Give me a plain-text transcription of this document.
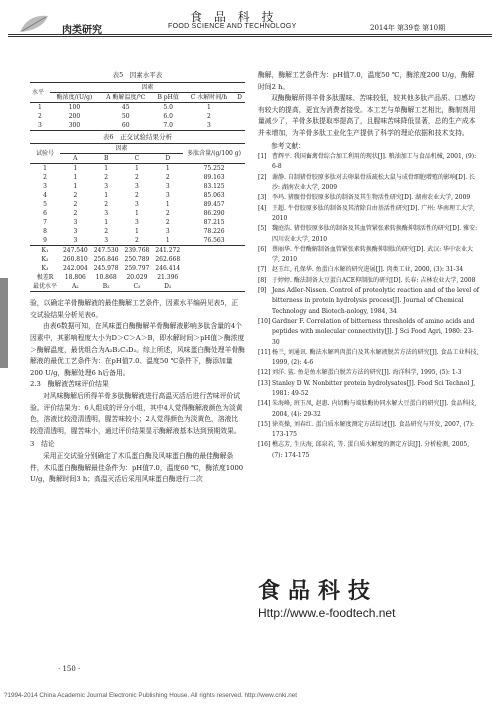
食 品 科 技
FOOD SCIENCE AND TECHNOLOGY
肉类研究	2014年 第39卷 第10期
表5　因素水平表
水平	因素				
	酶浓度/(U/g)	A 酶解温度/℃	B pH值	C 水解时间/h	D
1	100	45	5.0	1	
2	200	50	6.0	2	
3	300	60	7.0	3	
表6　正交试验结果分析
试验号	因素				多肽含量/(g/100 g)
	A	B	C	D	
1	1	1	1	1	75.252
2	1	2	2	2	89.163
3	1	3	3	3	83.125
4	2	1	2	3	85.063
5	2	2	3	1	89.457
6	2	3	1	2	86.290
7	3	1	3	2	87.215
8	3	2	1	3	78.226
9	3	3	2	1	76.563
K₁	247.540	247.530	239.768	241.272	
K₂	260.810	256.846	250.789	262.668	
K₃	242.004	245.978	259.797	246.414	
极差R	18.806	10.868	20.029	21.396	
最优水平	A₂	B₂	C₃	D₂	

验，以确定羊骨酶解液的最佳酶解工艺条件，因素水平编码见表5，正交试验结果分析见表6。

由表6数据可知，在风味蛋白酶酶解羊骨酶解液影响多肽含量的4个因素中，其影响程度大小为D＞C＞A＞B，即水解时间＞pH值＞酶浓度＞酶解温度，最优组合为A₂B₂C₃D₂。综上所述，风味蛋白酶处理羊骨酶解液的最优工艺条件为：在pH值7.0、温度50 ℃条件下，酶添加量200 U/g，酶解处理6 h后备用。

2.3　酶解液苦味评价结果

对风味酶解后所得羊骨多肽酶解液进行高温灭活后进行苦味评价试验。评价结果为：6人组成的评分小组，其中4人觉得酶解液颜色为淡黄色，溶液比较澄清透明，腥苦味较小；2人觉得颜色为淡黄色，溶液比较澄清透明，腥苦味小，通过评价结果显示酶解液基本达到预期效果。

3　结论

采用正交试验分别确定了木瓜蛋白酶及风味蛋白酶的最佳酶解条件，木瓜蛋白酶酶解最佳条件为：pH值7.0，温度60 ℃，酶浓度1000 U/g，酶解时间3 h；高温灭活后采用风味蛋白酶进行二次

酶解，酶解工艺条件为：pH值7.0，温度50 ℃，酶浓度200 U/g，酶解时间2 h。

双酶酶解所得羊骨多肽腥味、苦味较低，较其他多肽产品质、口感均有较大的提高，更宜为消费者接受。本工艺与单酶解工艺相比，酶制剂用量减少了，羊骨多肽提取率提高了，且腥味苦味降低显著，总的生产成本并未增加，为羊骨多肽工业化生产提供了科学的理论依据和技术支持。

参考文献：

[1] 曹辉平. 我国畜禽骨综合加工利用的现状[J]. 粮油加工与食品机械, 2001, (9): 6-8
[2] 谢静. 自制猪骨胶原多肽对去卵巢骨质疏松大鼠与成骨细胞增殖的影响[D]. 长沙: 湖南农业大学, 2009
[3] 李玛. 猪髋骨骨胶原多肽的制备及其生物活性研究[D]. 湖南农业大学, 2009
[4] 王超. 牛骨胶原多肽的制备及其清除自由基活性研究[D]. 广州: 华南理工大学, 2010
[5] 魏庭浩. 猪骨胶原多肽的制备及其血管紧张素转换酶抑制活性的研究[D]. 雅安: 四川农业大学, 2010
[6] 蔡丽华. 牛骨酶解制备血管紧张素转换酶抑制肽的研究[D]. 武汉: 华中农业大学, 2010
[7] 赵玉红, 孔保华. 鱼蛋白水解的研究进展[J]. 肉类工业, 2000, (3): 31-34
[8] 于婷婷. 酶法制备大豆蛋白ACE抑制肽的研究[D]. 长春: 吉林农业大学, 2008
[9] Jens Adler-Nissen. Control of proteolytic reaction and of the level of bitterness in protein hydrolysis process[J]. Journal of Chemical Technology and Biotech-nology, 1984, 34
[10] Gardner F. Correlation of bitterness thresholds of amino acids and peptides with molecular connectivity[J]. J Sci Food Agri, 1980: 23-30
[11] 杨兰, 刘通讯. 酶法水解鸡肉蛋白及其水解液脱苦方法的研究[J]. 食品工业科技, 1999, (2): 4-6
[12] 刘洋. 鲨. 鱼是鱼水解蛋白脱苦方法的研究[J]. 海洋科学, 1995, (5): 1-3
[13] Stanley D W. Nonbitter protein hydrolysates[J]. Food Sci Technol J, 1981: 49-52
[14] 朱海峰, 班玉凤, 赵惠. 内切酶与端肽酶协同水解大豆蛋白的研究[J]. 食品科技, 2004, (4): 29-32
[15] 徐英操, 刘春红. 蛋白质水解度测定方法综述[J]. 食品研究与开发, 2007, (7): 173-175
[16] 樵志芳, 生庆海, 邱泉若, 等. 蛋白质水解度的测定方法[J]. 分析检测, 2005, (7): 174-175
食品科技
Http://www.e-foodtech.net
· 150 ·
?1994-2014 China Academic Journal Electronic Publishing House. All rights reserved. http://www.cnki.net
